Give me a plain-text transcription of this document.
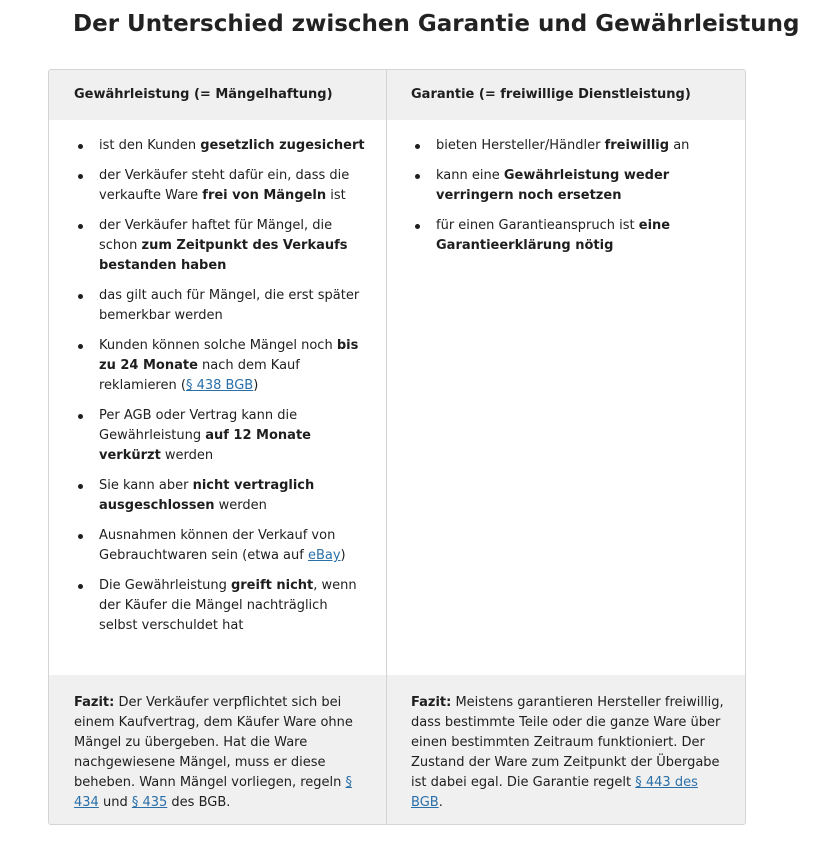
Der Unterschied zwischen Garantie und Gewährleistung
Gewährleistung (= Mängelhaftung)
ist den Kunden gesetzlich zugesichert
der Verkäufer steht dafür ein, dass die verkaufte Ware frei von Mängeln ist
der Verkäufer haftet für Mängel, die schon zum Zeitpunkt des Verkaufs bestanden haben
das gilt auch für Mängel, die erst später bemerkbar werden
Kunden können solche Mängel noch bis zu 24 Monate nach dem Kauf reklamieren (§ 438 BGB)
Per AGB oder Vertrag kann die Gewährleistung auf 12 Monate verkürzt werden
Sie kann aber nicht vertraglich ausgeschlossen werden
Ausnahmen können der Verkauf von Gebrauchtwaren sein (etwa auf eBay)
Die Gewährleistung greift nicht, wenn der Käufer die Mängel nachträglich selbst verschuldet hat
Fazit: Der Verkäufer verpflichtet sich bei einem Kaufvertrag, dem Käufer Ware ohne Mängel zu übergeben. Hat die Ware nachgewiesene Mängel, muss er diese beheben. Wann Mängel vorliegen, regeln § 434 und § 435 des BGB.
Garantie (= freiwillige Dienstleistung)
bieten Hersteller/Händler freiwillig an
kann eine Gewährleistung weder verringern noch ersetzen
für einen Garantieanspruch ist eine Garantieerklärung nötig
Fazit: Meistens garantieren Hersteller freiwillig, dass bestimmte Teile oder die ganze Ware über einen bestimmten Zeitraum funktioniert. Der Zustand der Ware zum Zeitpunkt der Übergabe ist dabei egal. Die Garantie regelt § 443 des BGB.
